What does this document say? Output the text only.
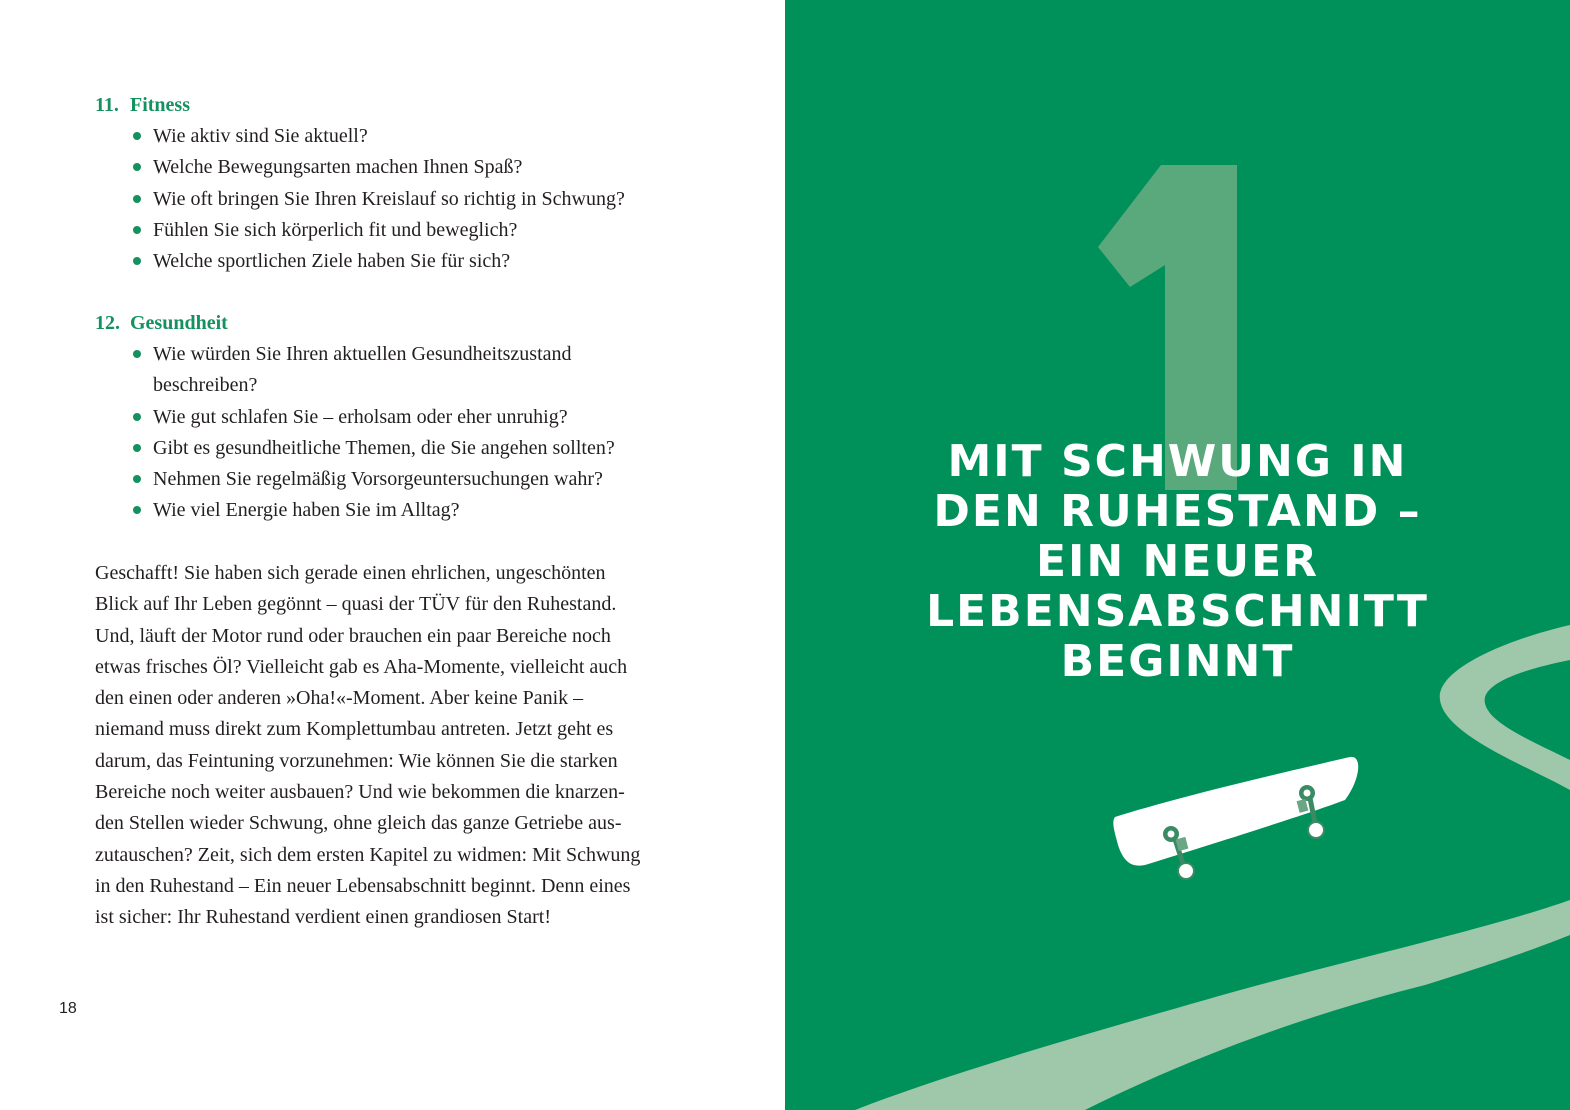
11. Fitness
Wie aktiv sind Sie aktuell?
Welche Bewegungsarten machen Ihnen Spaß?
Wie oft bringen Sie Ihren Kreislauf so richtig in Schwung?
Fühlen Sie sich körperlich fit und beweglich?
Welche sportlichen Ziele haben Sie für sich?
12. Gesundheit
Wie würden Sie Ihren aktuellen Gesundheitszustand beschreiben?
Wie gut schlafen Sie – erholsam oder eher unruhig?
Gibt es gesundheitliche Themen, die Sie angehen sollten?
Nehmen Sie regelmäßig Vorsorgeuntersuchungen wahr?
Wie viel Energie haben Sie im Alltag?

Geschafft! Sie haben sich gerade einen ehrlichen, ungeschönten
Blick auf Ihr Leben gegönnt – quasi der TÜV für den Ruhestand.
Und, läuft der Motor rund oder brauchen ein paar Bereiche noch
etwas frisches Öl? Vielleicht gab es Aha-Momente, vielleicht auch
den einen oder anderen »Oha!«-Moment. Aber keine Panik –
niemand muss direkt zum Komplettumbau antreten. Jetzt geht es
darum, das Feintuning vorzunehmen: Wie können Sie die starken
Bereiche noch weiter ausbauen? Und wie bekommen die knarzen-
den Stellen wieder Schwung, ohne gleich das ganze Getriebe aus-
zutauschen? Zeit, sich dem ersten Kapitel zu widmen: Mit Schwung
in den Ruhestand – Ein neuer Lebensabschnitt beginnt. Denn eines
ist sicher: Ihr Ruhestand verdient einen grandiosen Start!

18
MIT SCHWUNG IN
DEN RUHESTAND –
EIN NEUER
LEBENSABSCHNITT
BEGINNT
